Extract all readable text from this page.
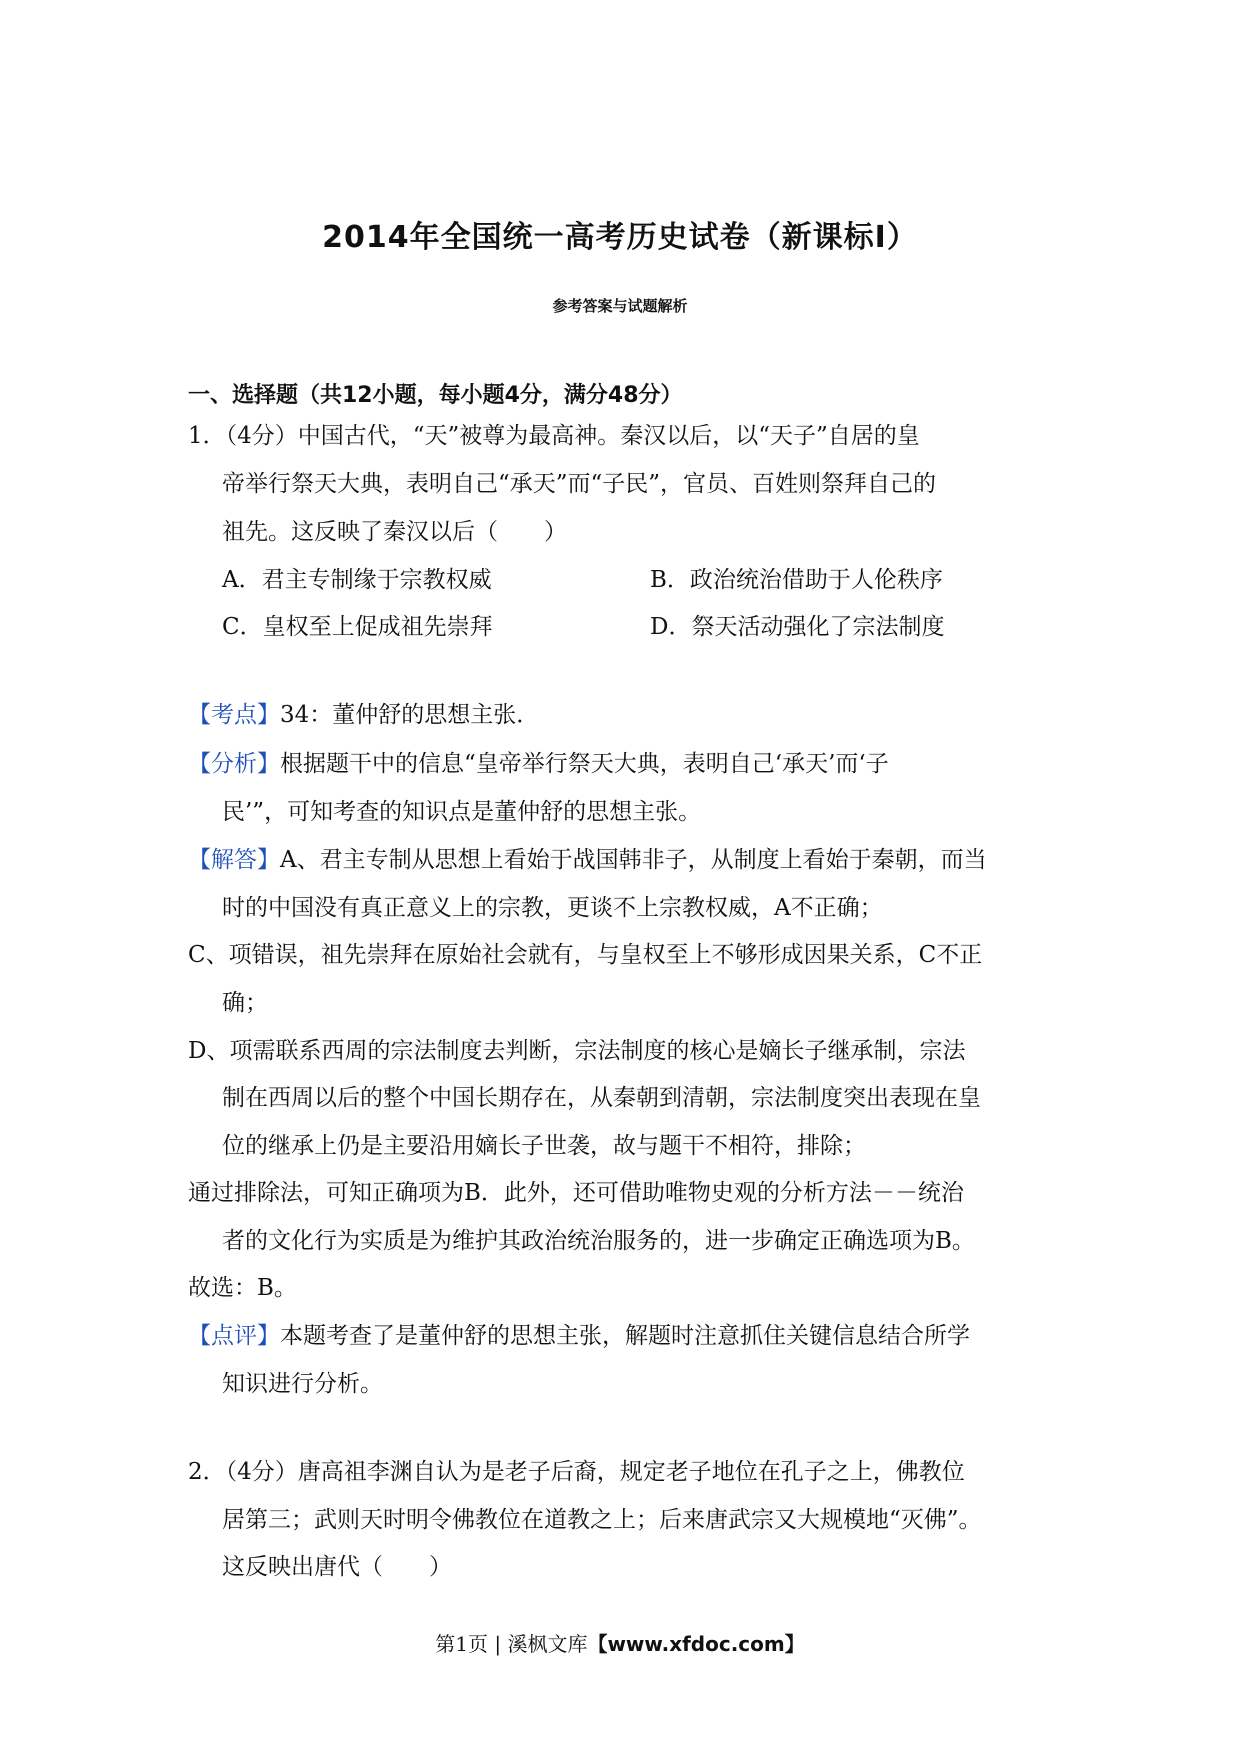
2014年全国统一高考历史试卷（新课标Ⅰ）
参考答案与试题解析
一、选择题（共12小题，每小题4分，满分48分）
1．（4分）中国古代，“天”被尊为最高神。秦汉以后，以“天子”自居的皇
帝举行祭天大典，表明自己“承天”而“子民”，官员、百姓则祭拜自己的
祖先。这反映了秦汉以后（　　）
A．君主专制缘于宗教权威	B．政治统治借助于人伦秩序
C．皇权至上促成祖先崇拜	D．祭天活动强化了宗法制度
【考点】34：董仲舒的思想主张．
【分析】根据题干中的信息“皇帝举行祭天大典，表明自己‘承天’而‘子
民’”，可知考查的知识点是董仲舒的思想主张。
【解答】A、君主专制从思想上看始于战国韩非子，从制度上看始于秦朝，而当
时的中国没有真正意义上的宗教，更谈不上宗教权威，A不正确；
C、项错误，祖先崇拜在原始社会就有，与皇权至上不够形成因果关系，C不正
确；
D、项需联系西周的宗法制度去判断，宗法制度的核心是嫡长子继承制，宗法
制在西周以后的整个中国长期存在，从秦朝到清朝，宗法制度突出表现在皇
位的继承上仍是主要沿用嫡长子世袭，故与题干不相符，排除；
通过排除法，可知正确项为B．此外，还可借助唯物史观的分析方法－－统治
者的文化行为实质是为维护其政治统治服务的，进一步确定正确选项为B。
故选：B。
【点评】本题考查了是董仲舒的思想主张，解题时注意抓住关键信息结合所学
知识进行分析。
2．（4分）唐高祖李渊自认为是老子后裔，规定老子地位在孔子之上，佛教位
居第三；武则天时明令佛教位在道教之上；后来唐武宗又大规模地“灭佛”。
这反映出唐代（　　）
第1页 | 溪枫文库【www.xfdoc.com】
